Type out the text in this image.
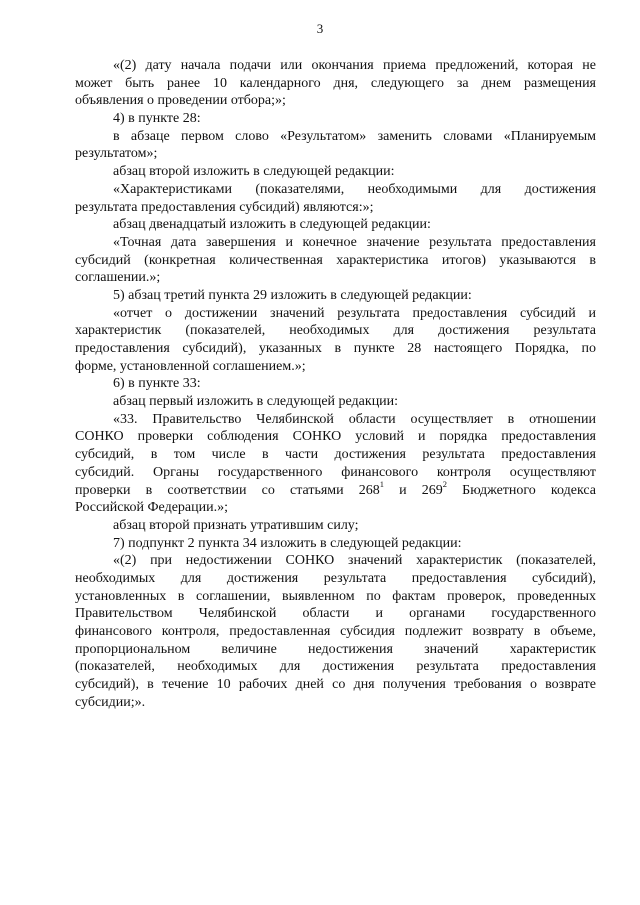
3
«(2) дату начала подачи или окончания приема предложений, которая не
может быть ранее 10 календарного дня, следующего за днем размещения
объявления о проведении отбора;»;
4) в пункте 28:
в абзаце первом слово «Результатом» заменить словами «Планируемым
результатом»;
абзац второй изложить в следующей редакции:
«Характеристиками (показателями, необходимыми для достижения
результата предоставления субсидий) являются:»;
абзац двенадцатый изложить в следующей редакции:
«Точная дата завершения и конечное значение результата предоставления
субсидий (конкретная количественная характеристика итогов) указываются в
соглашении.»;
5) абзац третий пункта 29 изложить в следующей редакции:
«отчет о достижении значений результата предоставления субсидий и
характеристик (показателей, необходимых для достижения результата
предоставления субсидий), указанных в пункте 28 настоящего Порядка, по
форме, установленной соглашением.»;
6) в пункте 33:
абзац первый изложить в следующей редакции:
«33. Правительство Челябинской области осуществляет в отношении
СОНКО проверки соблюдения СОНКО условий и порядка предоставления
субсидий, в том числе в части достижения результата предоставления
субсидий. Органы государственного финансового контроля осуществляют
проверки в соответствии со статьями $268^1$ и $269^2$ Бюджетного кодекса
Российской Федерации.»;
абзац второй признать утратившим силу;
7) подпункт 2 пункта 34 изложить в следующей редакции:
«(2) при недостижении СОНКО значений характеристик (показателей,
необходимых для достижения результата предоставления субсидий),
установленных в соглашении, выявленном по фактам проверок, проведенных
Правительством Челябинской области и органами государственного
финансового контроля, предоставленная субсидия подлежит возврату в объеме,
пропорциональном величине недостижения значений характеристик
(показателей, необходимых для достижения результата предоставления
субсидий), в течение 10 рабочих дней со дня получения требования о возврате
субсидии;».
